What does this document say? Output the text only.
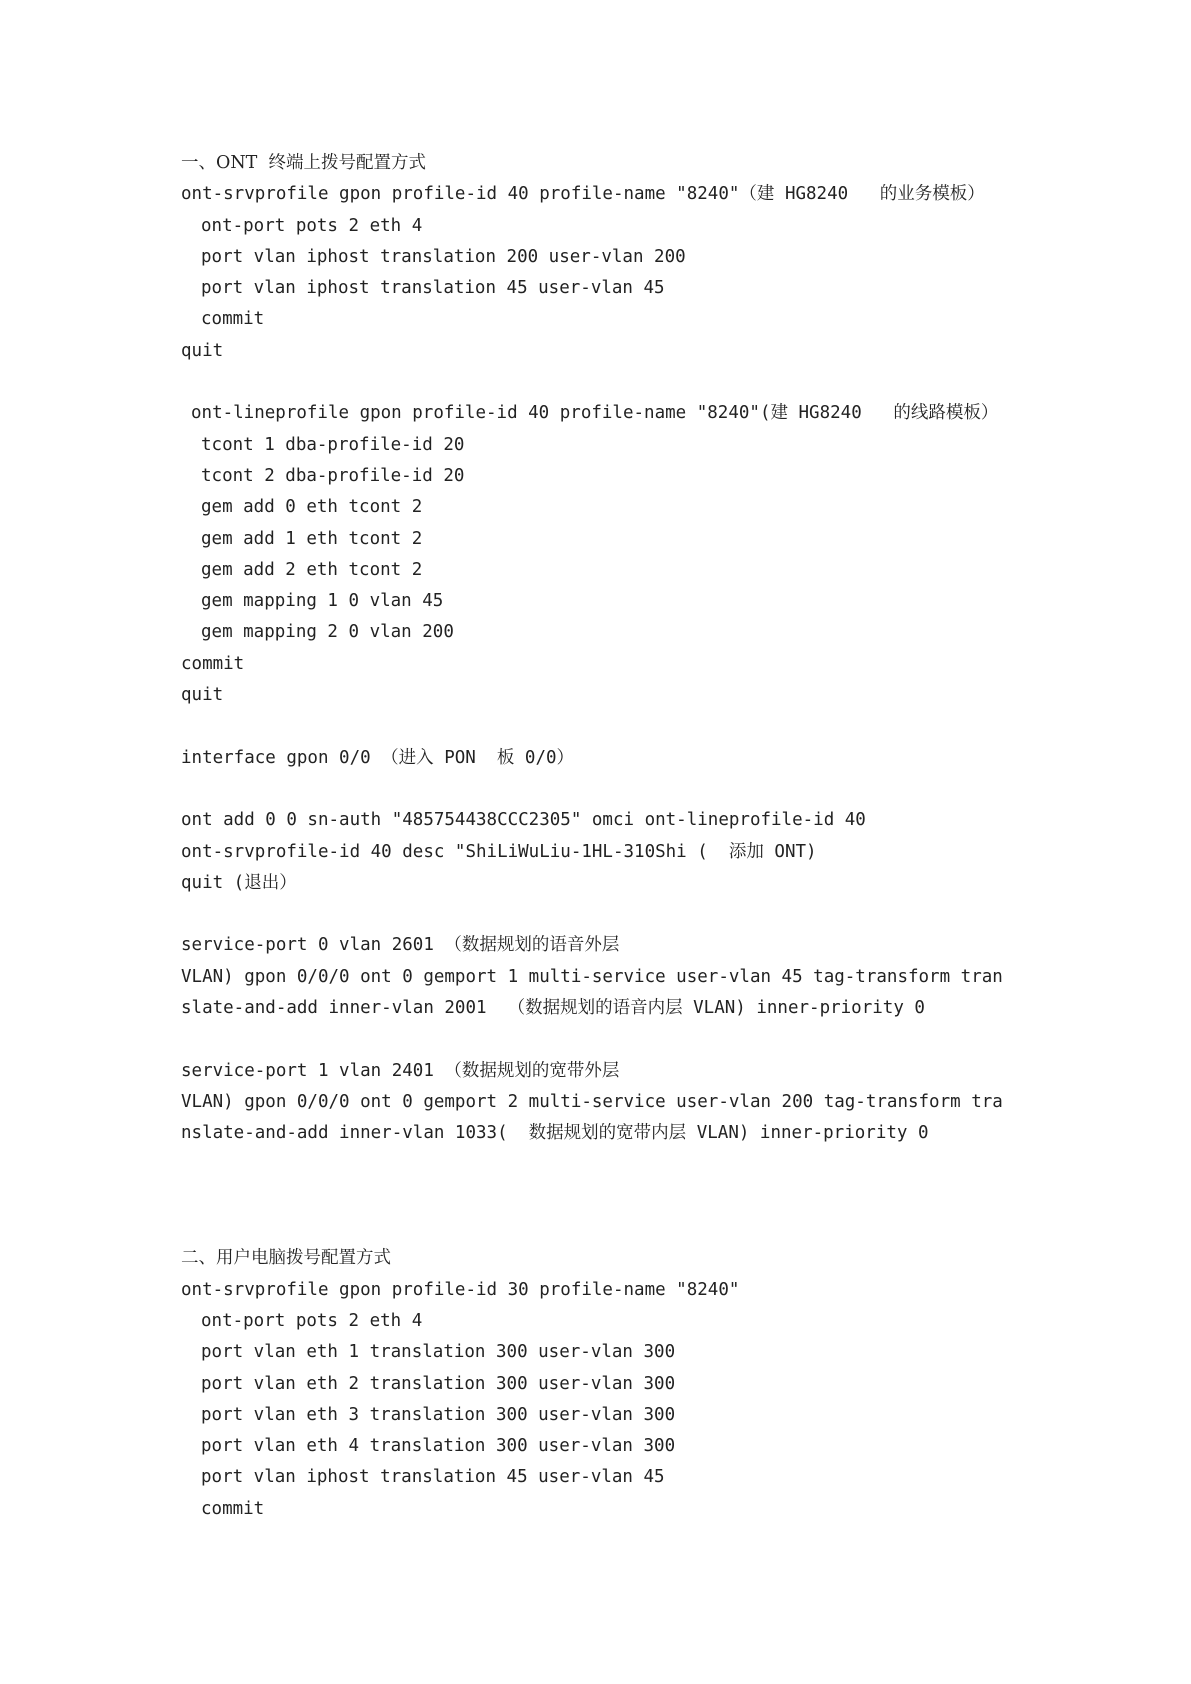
一、ONT  终端上拨号配置方式
ont-srvprofile gpon profile-id 40 profile-name "8240"（建 HG8240   的业务模板）
ont-port pots 2 eth 4
port vlan iphost translation 200 user-vlan 200
port vlan iphost translation 45 user-vlan 45
commit
quit
ont-lineprofile gpon profile-id 40 profile-name "8240"(建 HG8240   的线路模板）
tcont 1 dba-profile-id 20
tcont 2 dba-profile-id 20
gem add 0 eth tcont 2
gem add 1 eth tcont 2
gem add 2 eth tcont 2
gem mapping 1 0 vlan 45
gem mapping 2 0 vlan 200
commit
quit
interface gpon 0/0 （进入 PON  板 0/0）
ont add 0 0 sn-auth "485754438CCC2305" omci ont-lineprofile-id 40
ont-srvprofile-id 40 desc "ShiLiWuLiu-1HL-310Shi (  添加 ONT)
quit (退出）
service-port 0 vlan 2601 （数据规划的语音外层
VLAN) gpon 0/0/0 ont 0 gemport 1 multi-service user-vlan 45 tag-transform tran
slate-and-add inner-vlan 2001  （数据规划的语音内层 VLAN) inner-priority 0
service-port 1 vlan 2401 （数据规划的宽带外层
VLAN) gpon 0/0/0 ont 0 gemport 2 multi-service user-vlan 200 tag-transform tra
nslate-and-add inner-vlan 1033(  数据规划的宽带内层 VLAN) inner-priority 0
二、用户电脑拨号配置方式
ont-srvprofile gpon profile-id 30 profile-name "8240"
ont-port pots 2 eth 4
port vlan eth 1 translation 300 user-vlan 300
port vlan eth 2 translation 300 user-vlan 300
port vlan eth 3 translation 300 user-vlan 300
port vlan eth 4 translation 300 user-vlan 300
port vlan iphost translation 45 user-vlan 45
commit
